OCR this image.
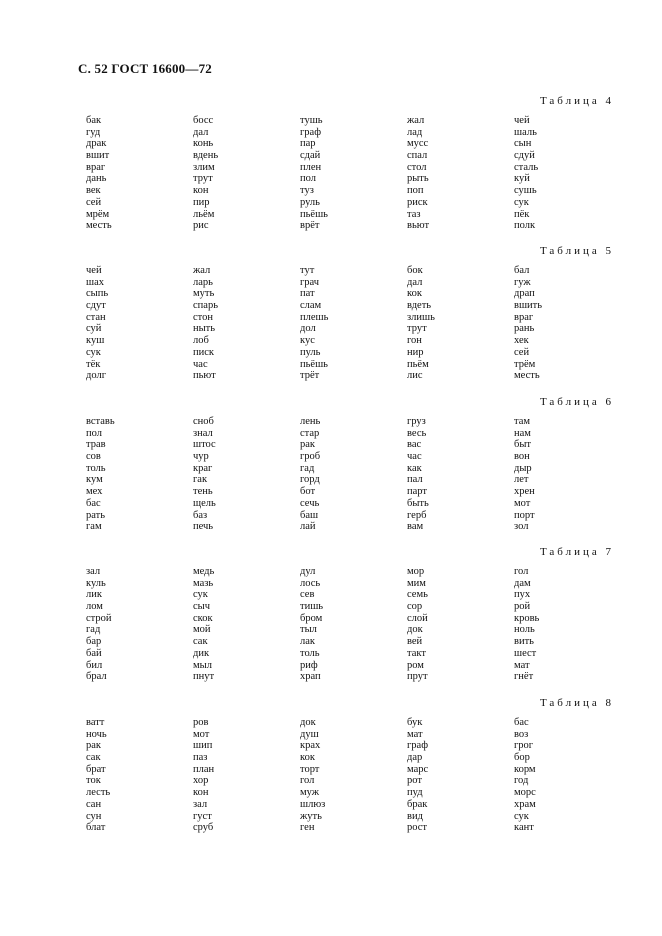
С. 52 ГОСТ 16600—72
Таблица 4
бак
гуд
драк
вшит
враг
дань
век
сей
мрём
месть
босс
дал
конь
вдень
злим
трут
кон
пир
льём
рис
тушь
граф
пар
сдай
плен
пол
туз
руль
пьёшь
врёт
жал
лад
мусс
спал
стол
рыть
поп
риск
таз
вьют
чей
шаль
сын
сдуй
сталь
куй
сушь
сук
пёк
полк
Таблица 5
чей
шах
сыпь
сдут
стан
суй
куш
сук
тёк
долг
жал
ларь
муть
спарь
стон
ныть
лоб
писк
час
пьют
тут
грач
пат
слам
плешь
дол
кус
пуль
пьёшь
трёт
бок
дал
кок
вдеть
злишь
трут
гон
нир
пьём
лис
бал
гуж
драп
вшить
враг
рань
хек
сей
трём
месть
Таблица 6
вставь
пол
трав
сов
толь
кум
мех
бас
рать
гам
сноб
знал
штос
чур
краг
гак
тень
щель
баз
печь
лень
стар
рак
гроб
гад
горд
бот
сечь
баш
лай
груз
весь
вас
час
как
пал
парт
быть
герб
вам
там
нам
быт
вон
дыр
лет
хрен
мот
порт
зол
Таблица 7
зал
куль
лик
лом
строй
гад
бар
бай
бил
брал
медь
мазь
сук
сыч
скок
мой
сак
дик
мыл
пнут
дул
лось
сев
тишь
бром
тыл
лак
толь
риф
храп
мор
мим
семь
сор
слой
док
вей
такт
ром
прут
гол
дам
пух
рой
кровь
ноль
вить
шест
мат
гнёт
Таблица 8
ватт
ночь
рак
сак
брат
ток
лесть
сан
сун
блат
ров
мот
шип
паз
план
хор
кон
зал
густ
сруб
док
душ
крах
кок
торт
гол
муж
шлюз
жуть
ген
бук
мат
граф
дар
марс
рот
пуд
брак
вид
рост
бас
воз
грог
бор
корм
год
морс
храм
сук
кант
